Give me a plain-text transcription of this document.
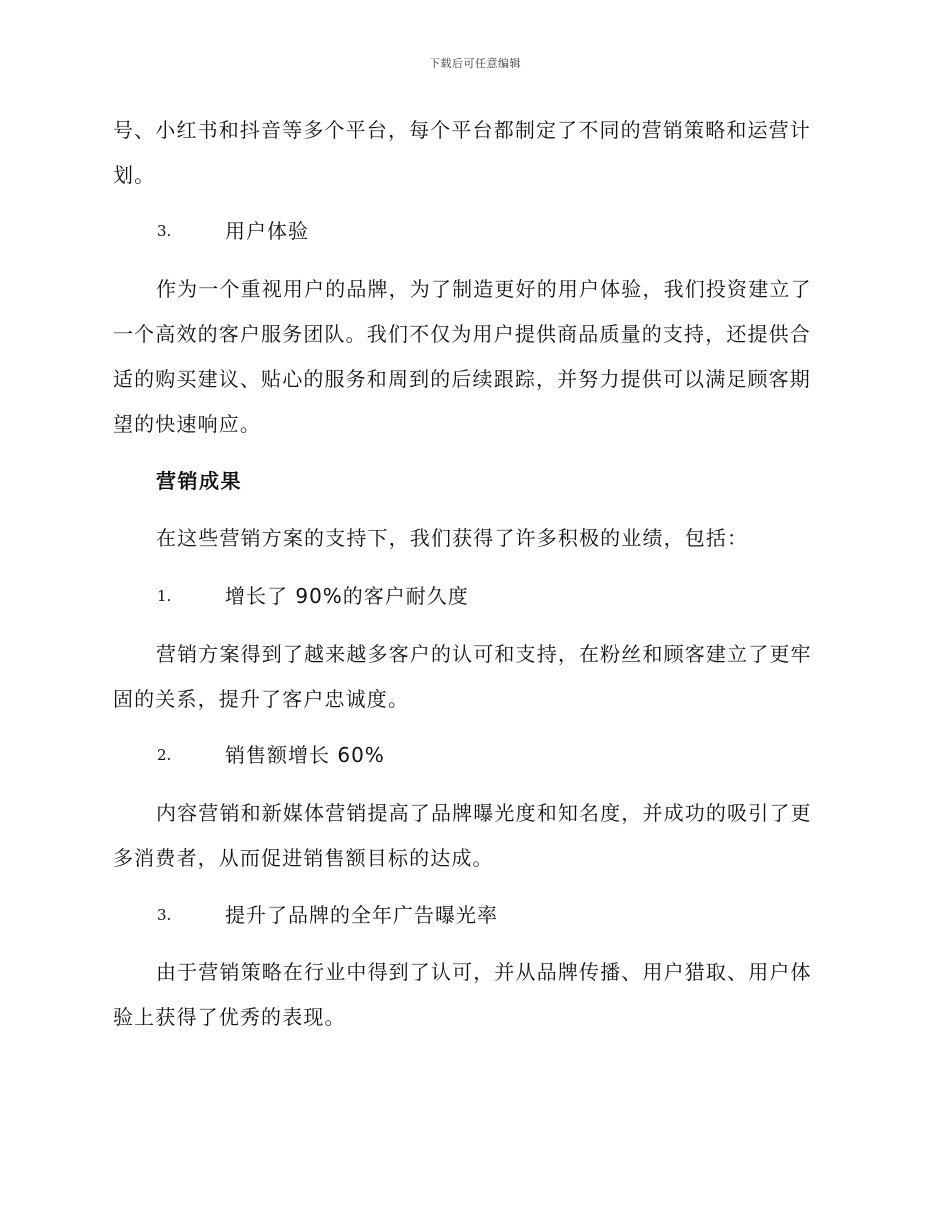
下载后可任意编辑
号、小红书和抖音等多个平台，每个平台都制定了不同的营销策略和运营计
划。
3.	用户体验
作为一个重视用户的品牌，为了制造更好的用户体验，我们投资建立了
一个高效的客户服务团队。我们不仅为用户提供商品质量的支持，还提供合
适的购买建议、贴心的服务和周到的后续跟踪，并努力提供可以满足顾客期
望的快速响应。
营销成果
在这些营销方案的支持下，我们获得了许多积极的业绩，包括：
1.	增长了 90%的客户耐久度
营销方案得到了越来越多客户的认可和支持，在粉丝和顾客建立了更牢
固的关系，提升了客户忠诚度。
2.	销售额增长 60%
内容营销和新媒体营销提高了品牌曝光度和知名度，并成功的吸引了更
多消费者，从而促进销售额目标的达成。
3.	提升了品牌的全年广告曝光率
由于营销策略在行业中得到了认可，并从品牌传播、用户猎取、用户体
验上获得了优秀的表现。
